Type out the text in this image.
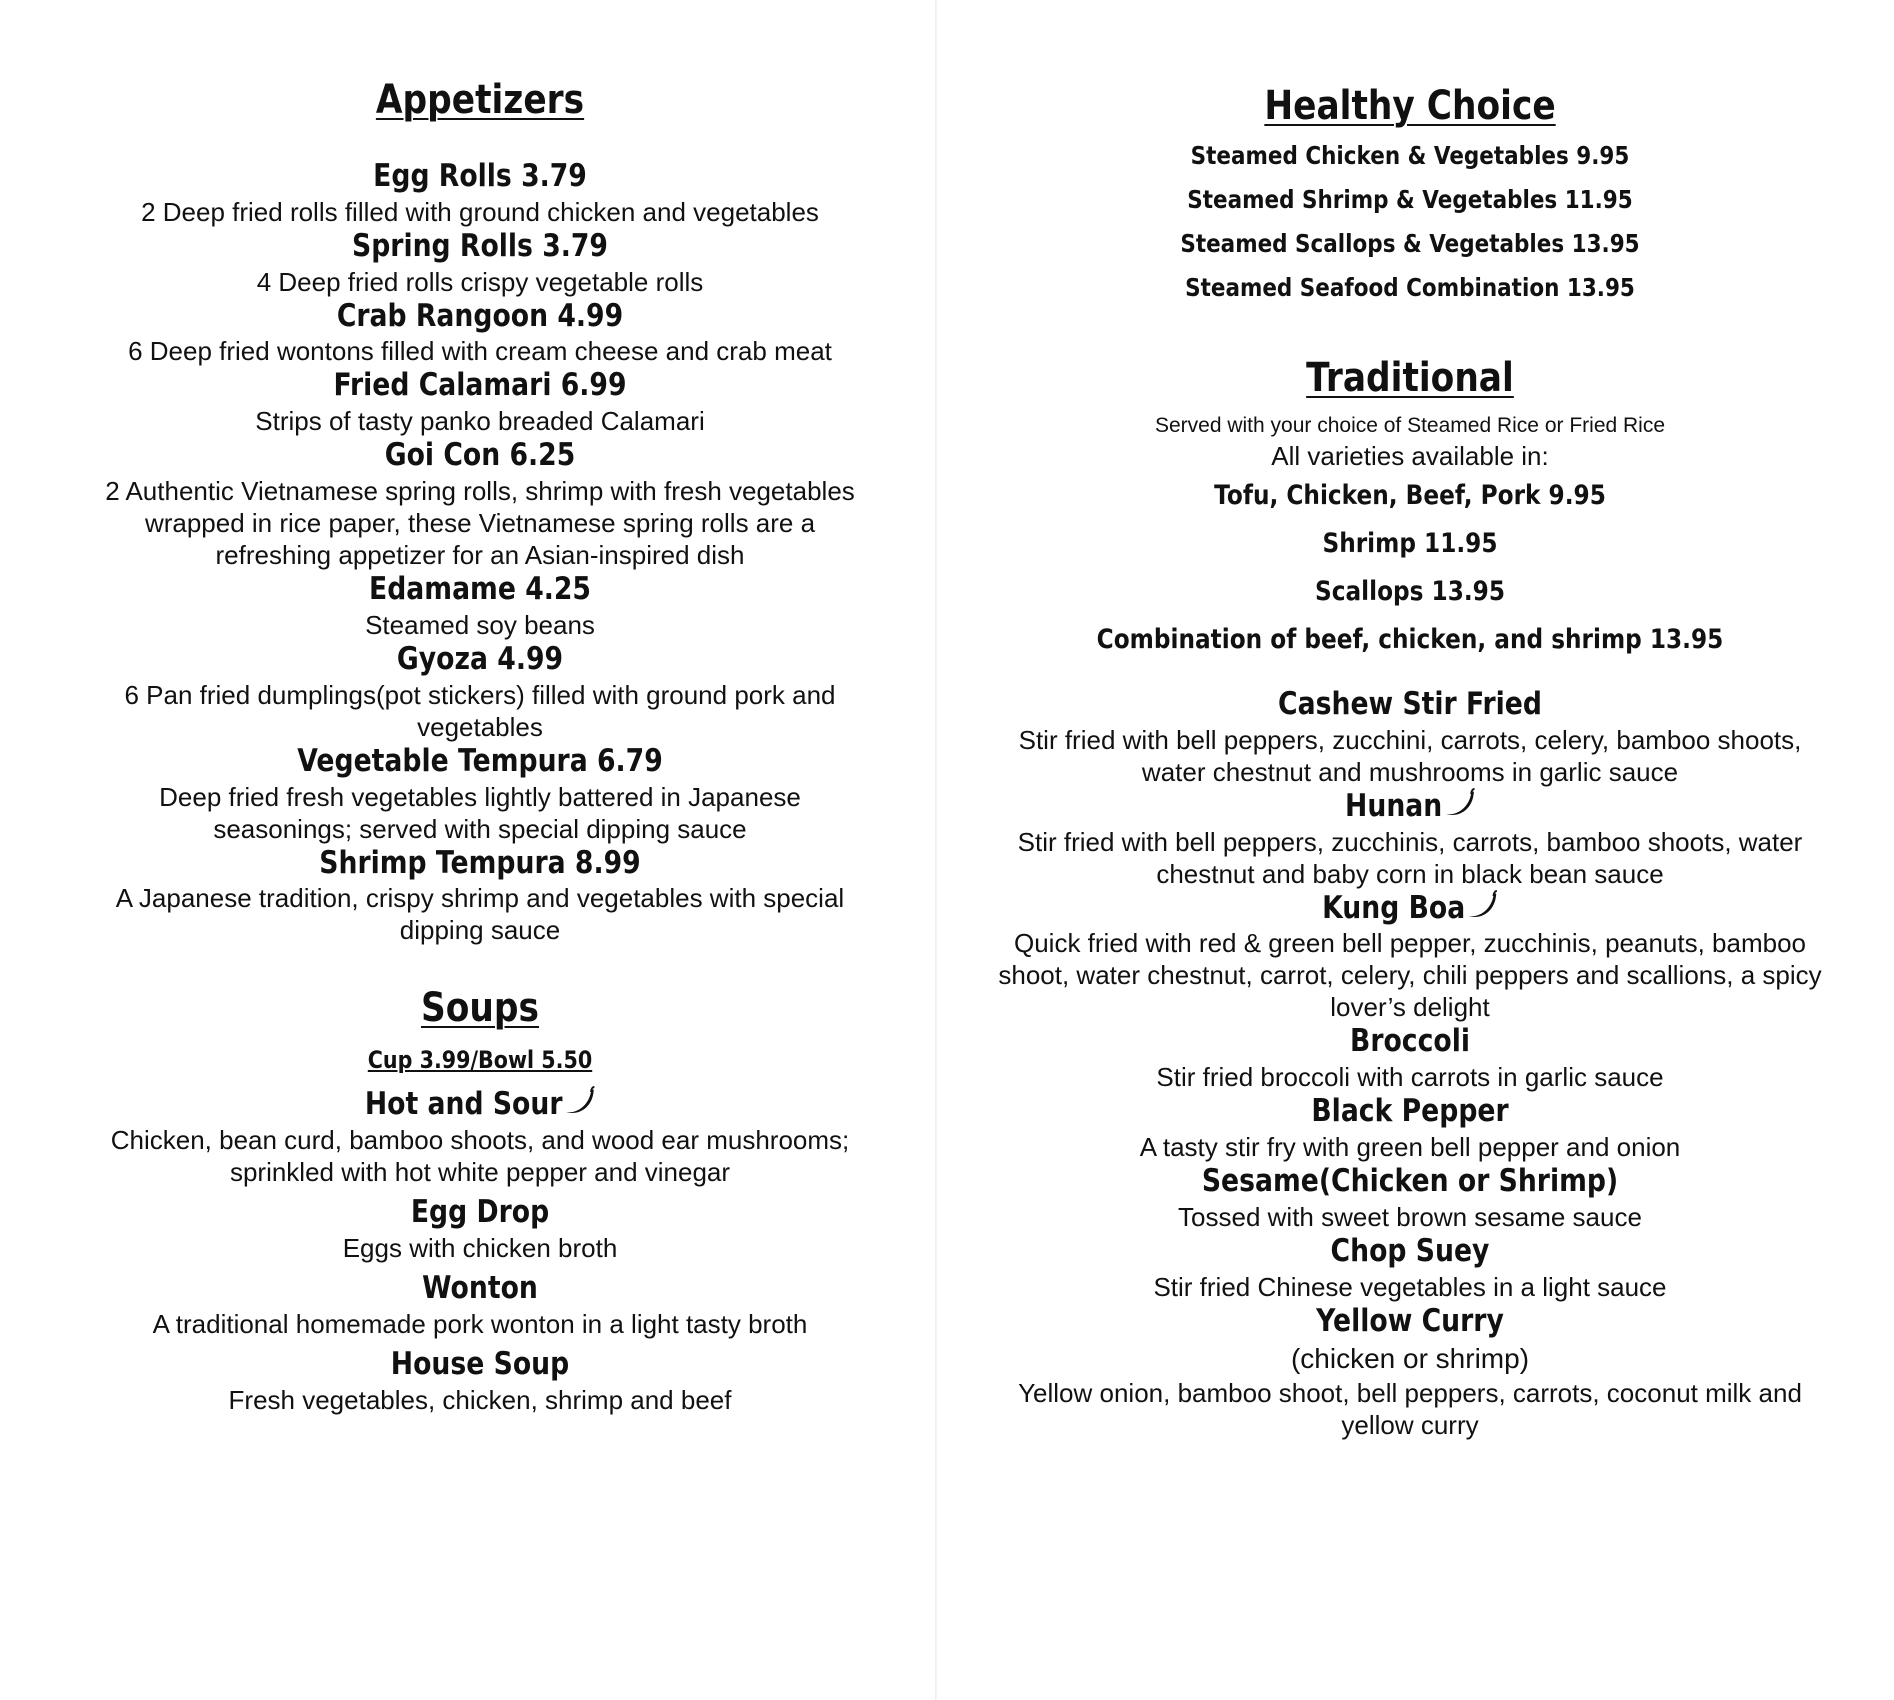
Appetizers
Egg Rolls 3.79
2 Deep fried rolls filled with ground chicken and vegetables
Spring Rolls 3.79
4 Deep fried rolls crispy vegetable rolls
Crab Rangoon 4.99
6 Deep fried wontons filled with cream cheese and crab meat
Fried Calamari 6.99
Strips of tasty panko breaded Calamari
Goi Con 6.25
2 Authentic Vietnamese spring rolls, shrimp with fresh vegetables
wrapped in rice paper, these Vietnamese spring rolls are a
refreshing appetizer for an Asian-inspired dish
Edamame 4.25
Steamed soy beans
Gyoza 4.99
6 Pan fried dumplings(pot stickers) filled with ground pork and
vegetables
Vegetable Tempura 6.79
Deep fried fresh vegetables lightly battered in Japanese
seasonings; served with special dipping sauce
Shrimp Tempura 8.99
A Japanese tradition, crispy shrimp and vegetables with special
dipping sauce
Soups
Cup 3.99/Bowl 5.50
Hot and Sour
Chicken, bean curd, bamboo shoots, and wood ear mushrooms;
sprinkled with hot white pepper and vinegar
Egg Drop
Eggs with chicken broth
Wonton
A traditional homemade pork wonton in a light tasty broth
House Soup
Fresh vegetables, chicken, shrimp and beef
Healthy Choice
Steamed Chicken & Vegetables 9.95
Steamed Shrimp & Vegetables 11.95
Steamed Scallops & Vegetables 13.95
Steamed Seafood Combination 13.95
Traditional
Served with your choice of Steamed Rice or Fried Rice
All varieties available in:
Tofu, Chicken, Beef, Pork 9.95
Shrimp 11.95
Scallops 13.95
Combination of beef, chicken, and shrimp 13.95
Cashew Stir Fried
Stir fried with bell peppers, zucchini, carrots, celery, bamboo shoots,
water chestnut and mushrooms in garlic sauce
Hunan
Stir fried with bell peppers, zucchinis, carrots, bamboo shoots, water
chestnut and baby corn in black bean sauce
Kung Boa
Quick fried with red & green bell pepper, zucchinis, peanuts, bamboo
shoot, water chestnut, carrot, celery, chili peppers and scallions, a spicy
lover’s delight
Broccoli
Stir fried broccoli with carrots in garlic sauce
Black Pepper
A tasty stir fry with green bell pepper and onion
Sesame(Chicken or Shrimp)
Tossed with sweet brown sesame sauce
Chop Suey
Stir fried Chinese vegetables in a light sauce
Yellow Curry
(chicken or shrimp)
Yellow onion, bamboo shoot, bell peppers, carrots, coconut milk and
yellow curry
